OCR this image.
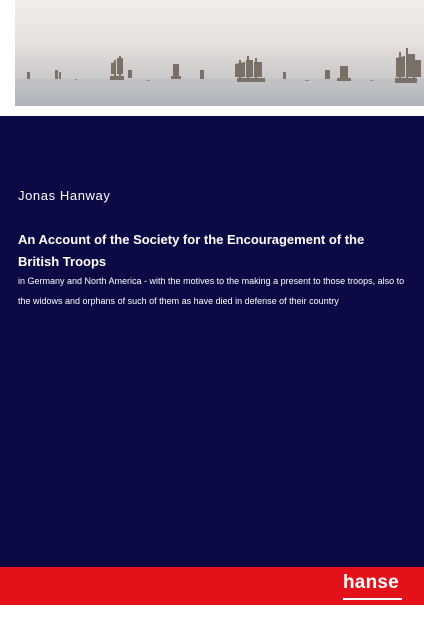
Jonas Hanway
An Account of the Society for the Encouragement of the British Troops
in Germany and North America - with the motives to the making a present to those troops, also to the widows and orphans of such of them as have died in defense of their country
hanse
